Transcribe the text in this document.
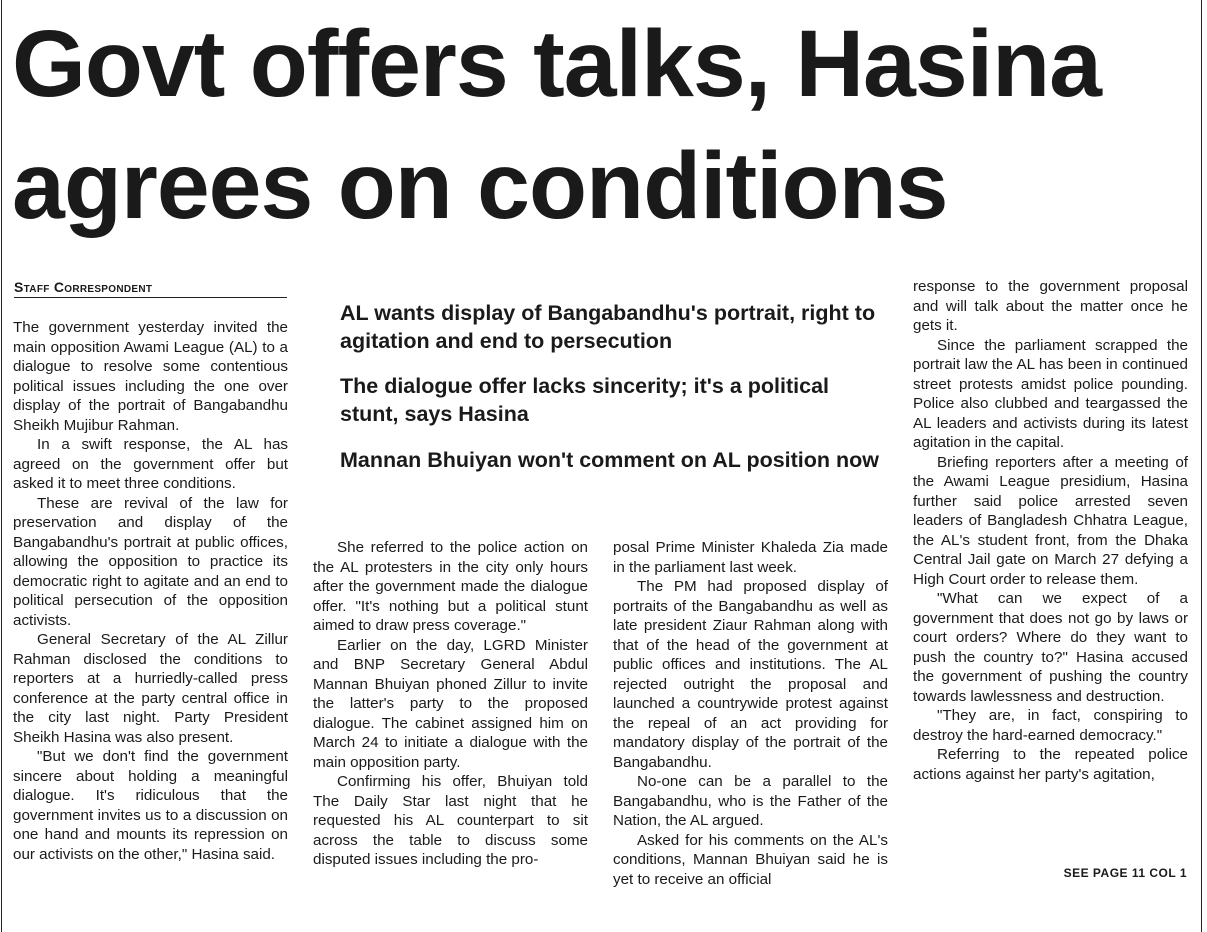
Govt offers talks, Hasina
agrees on conditions
Staff Correspondent

The government yesterday invited the main opposition Awami League (AL) to a dialogue to resolve some contentious political issues including the one over display of the portrait of Bangabandhu Sheikh Mujibur Rahman.

In a swift response, the AL has agreed on the government offer but asked it to meet three conditions.

These are revival of the law for preservation and display of the Bangabandhu's portrait at public offices, allowing the opposition to practice its democratic right to agitate and an end to political persecution of the opposition activists.

General Secretary of the AL Zillur Rahman disclosed the conditions to reporters at a hurriedly-called press conference at the party central office in the city last night. Party President Sheikh Hasina was also present.

"But we don't find the government sincere about holding a meaningful dialogue. It's ridiculous that the government invites us to a discussion on one hand and mounts its repression on our activists on the other," Hasina said.

AL wants display of Bangabandhu's portrait, right to agitation and end to persecution

The dialogue offer lacks sincerity; it's a political stunt, says Hasina

Mannan Bhuiyan won't comment on AL position now

She referred to the police action on the AL protesters in the city only hours after the government made the dialogue offer. "It's nothing but a political stunt aimed to draw press coverage."

Earlier on the day, LGRD Minister and BNP Secretary General Abdul Mannan Bhuiyan phoned Zillur to invite the latter's party to the proposed dialogue. The cabinet assigned him on March 24 to initiate a dialogue with the main opposition party.

Confirming his offer, Bhuiyan told The Daily Star last night that he requested his AL counterpart to sit across the table to discuss some disputed issues including the pro-

posal Prime Minister Khaleda Zia made in the parliament last week.

The PM had proposed display of portraits of the Bangabandhu as well as late president Ziaur Rahman along with that of the head of the government at public offices and institutions. The AL rejected outright the proposal and launched a countrywide protest against the repeal of an act providing for mandatory display of the portrait of the Bangabandhu.

No-one can be a parallel to the Bangabandhu, who is the Father of the Nation, the AL argued.

Asked for his comments on the AL's conditions, Mannan Bhuiyan said he is yet to receive an official

response to the government proposal and will talk about the matter once he gets it.

Since the parliament scrapped the portrait law the AL has been in continued street protests amidst police pounding. Police also clubbed and teargassed the AL leaders and activists during its latest agitation in the capital.

Briefing reporters after a meeting of the Awami League presidium, Hasina further said police arrested seven leaders of Bangladesh Chhatra League, the AL's student front, from the Dhaka Central Jail gate on March 27 defying a High Court order to release them.

"What can we expect of a government that does not go by laws or court orders? Where do they want to push the country to?" Hasina accused the government of pushing the country towards lawlessness and destruction.

"They are, in fact, conspiring to destroy the hard-earned democracy."

Referring to the repeated police actions against her party's agitation,

SEE PAGE 11 COL 1
